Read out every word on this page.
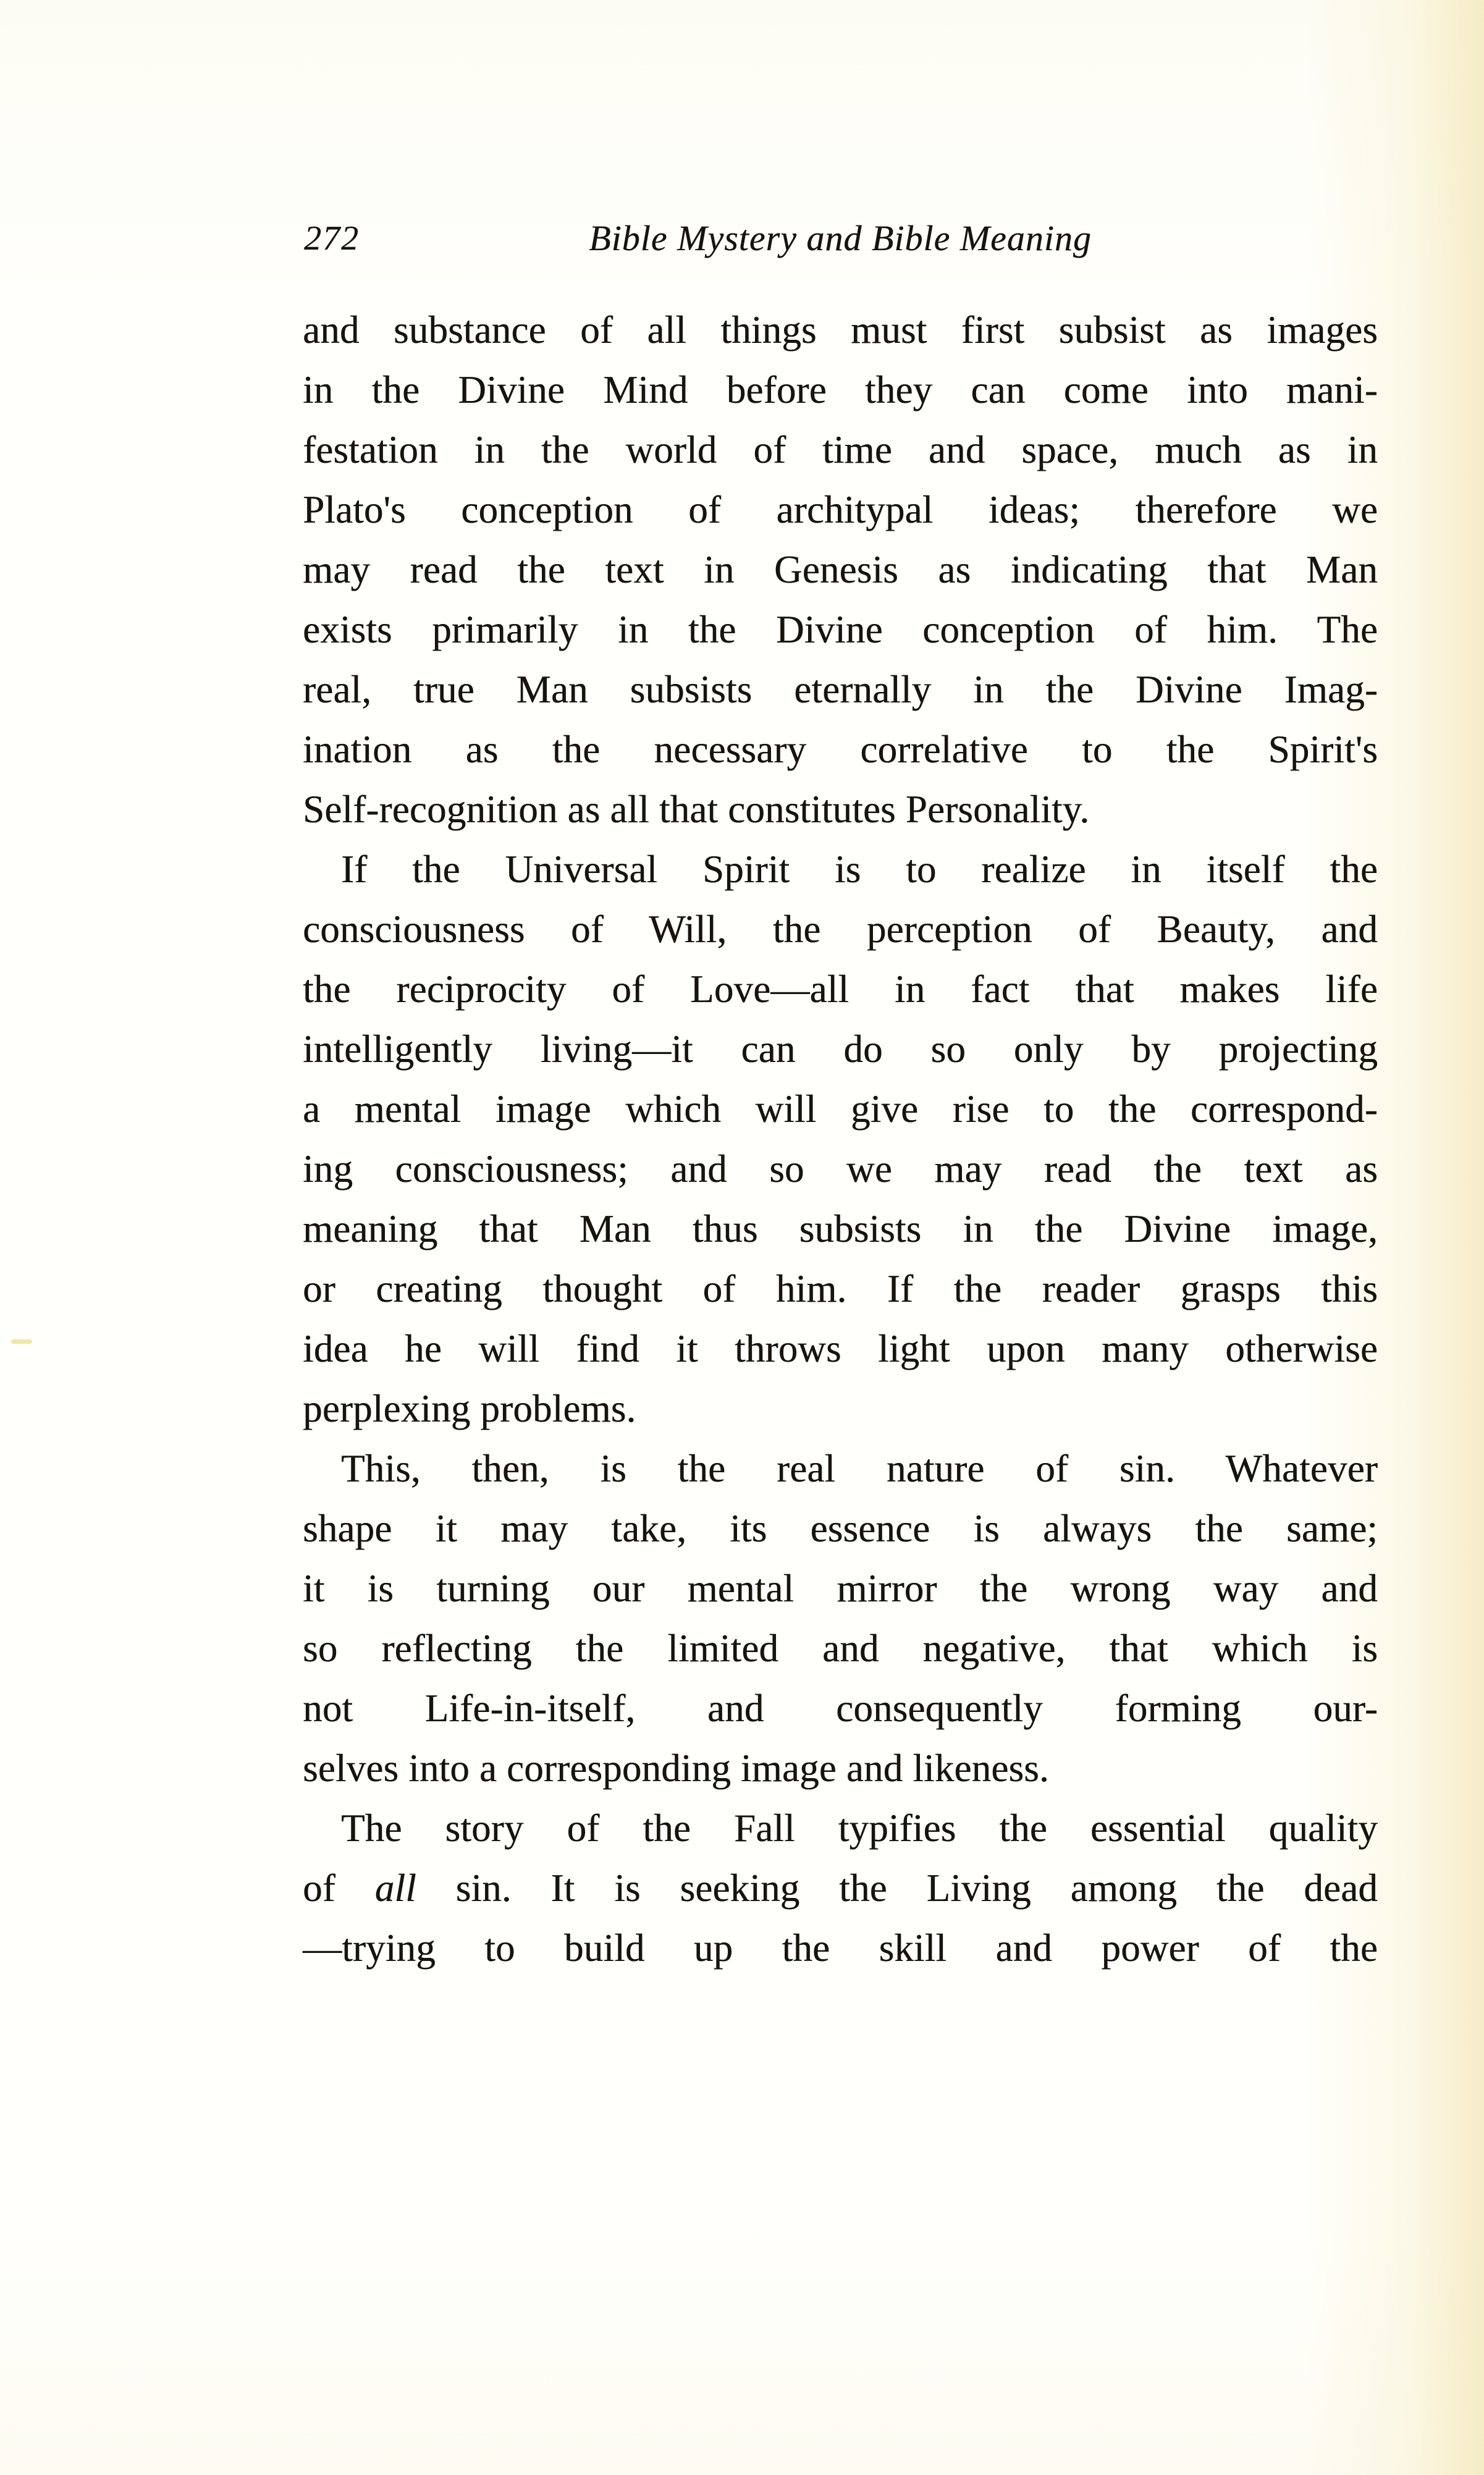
272	Bible Mystery and Bible Meaning
and substance of all things must first subsist as images
in the Divine Mind before they can come into mani-
festation in the world of time and space, much as in
Plato's conception of architypal ideas; therefore we
may read the text in Genesis as indicating that Man
exists primarily in the Divine conception of him. The
real, true Man subsists eternally in the Divine Imag-
ination as the necessary correlative to the Spirit's
Self-recognition as all that constitutes Personality.
If the Universal Spirit is to realize in itself the
consciousness of Will, the perception of Beauty, and
the reciprocity of Love—all in fact that makes life
intelligently living—it can do so only by projecting
a mental image which will give rise to the correspond-
ing consciousness; and so we may read the text as
meaning that Man thus subsists in the Divine image,
or creating thought of him. If the reader grasps this
idea he will find it throws light upon many otherwise
perplexing problems.
This, then, is the real nature of sin. Whatever
shape it may take, its essence is always the same;
it is turning our mental mirror the wrong way and
so reflecting the limited and negative, that which is
not Life-in-itself, and consequently forming our-
selves into a corresponding image and likeness.
The story of the Fall typifies the essential quality
of all sin. It is seeking the Living among the dead
—trying to build up the skill and power of the
